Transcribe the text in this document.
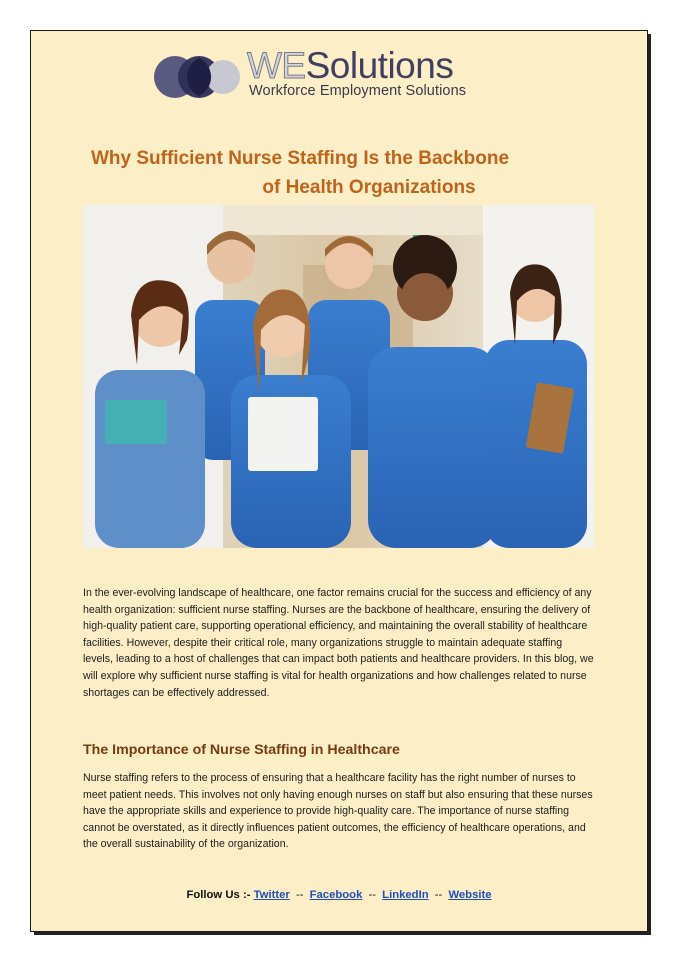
WESolutions
Workforce Employment Solutions
Why Sufficient Nurse Staffing Is the Backbone
of Health Organizations
In the ever-evolving landscape of healthcare, one factor remains crucial for the success and efficiency of any health organization: sufficient nurse staffing. Nurses are the backbone of healthcare, ensuring the delivery of high-quality patient care, supporting operational efficiency, and maintaining the overall stability of healthcare facilities. However, despite their critical role, many organizations struggle to maintain adequate staffing levels, leading to a host of challenges that can impact both patients and healthcare providers. In this blog, we will explore why sufficient nurse staffing is vital for health organizations and how challenges related to nurse shortages can be effectively addressed.
The Importance of Nurse Staffing in Healthcare
Nurse staffing refers to the process of ensuring that a healthcare facility has the right number of nurses to meet patient needs. This involves not only having enough nurses on staff but also ensuring that these nurses have the appropriate skills and experience to provide high-quality care. The importance of nurse staffing cannot be overstated, as it directly influences patient outcomes, the efficiency of healthcare operations, and the overall sustainability of the organization.
Follow Us :- Twitter -- Facebook -- LinkedIn -- Website
